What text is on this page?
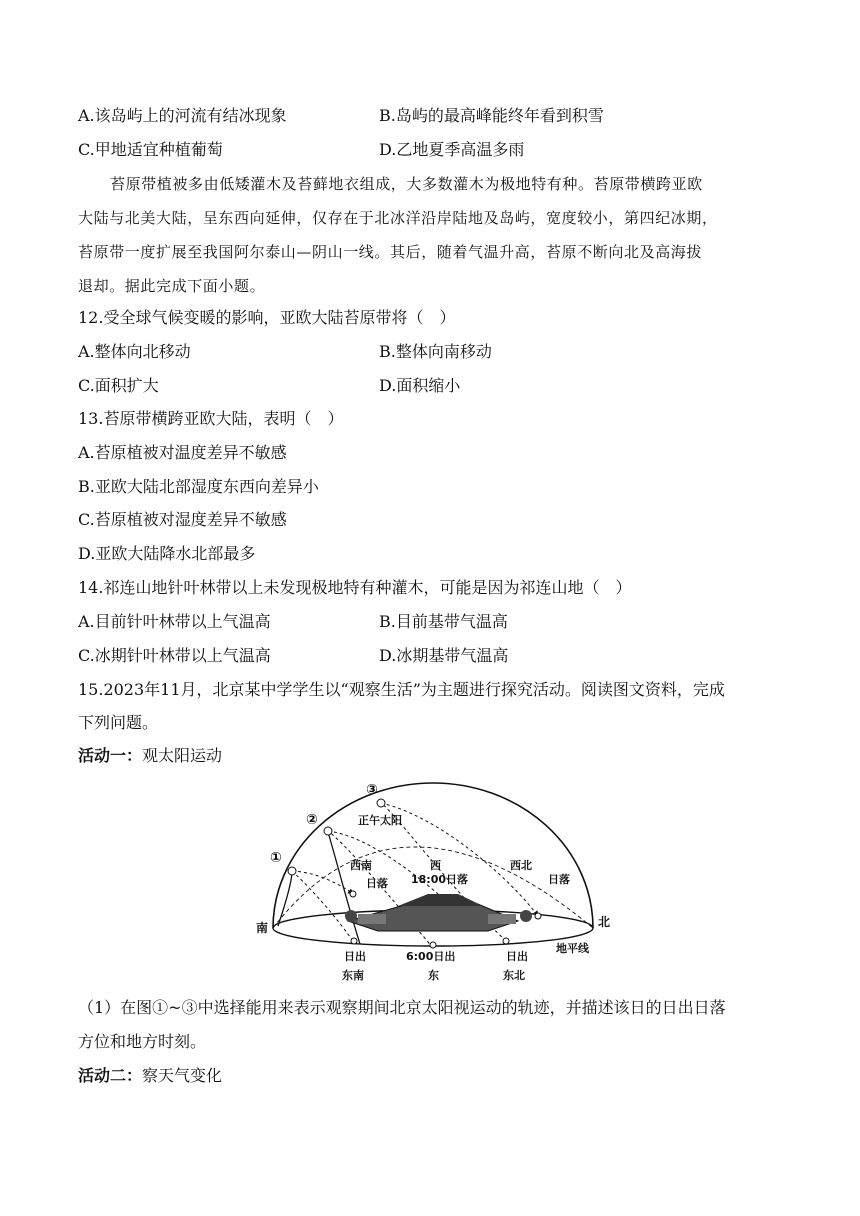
A.该岛屿上的河流有结冰现象	B.岛屿的最高峰能终年看到积雪
C.甲地适宜种植葡萄	D.乙地夏季高温多雨
苔原带植被多由低矮灌木及苔藓地衣组成，大多数灌木为极地特有种。苔原带横跨亚欧
大陆与北美大陆，呈东西向延伸，仅存在于北冰洋沿岸陆地及岛屿，宽度较小，第四纪冰期，
苔原带一度扩展至我国阿尔泰山—阴山一线。其后，随着气温升高，苔原不断向北及高海拔
退却。据此完成下面小题。
12.受全球气候变暖的影响，亚欧大陆苔原带将（　）
A.整体向北移动	B.整体向南移动
C.面积扩大	D.面积缩小
13.苔原带横跨亚欧大陆，表明（　）
A.苔原植被对温度差异不敏感
B.亚欧大陆北部湿度东西向差异小
C.苔原植被对湿度差异不敏感
D.亚欧大陆降水北部最多
14.祁连山地针叶林带以上未发现极地特有种灌木，可能是因为祁连山地（　）
A.目前针叶林带以上气温高	B.目前基带气温高
C.冰期针叶林带以上气温高	D.冰期基带气温高
15.2023年11月，北京某中学学生以“观察生活”为主题进行探究活动。阅读图文资料，完成
下列问题。
活动一：观太阳运动
①
②
③
正午太阳
西南
日落
西
18:00日落
西北
日落
南	北
地平线
日出
东南
6:00日出
东
日出
东北
（1）在图①~③中选择能用来表示观察期间北京太阳视运动的轨迹，并描述该日的日出日落
方位和地方时刻。
活动二：察天气变化
